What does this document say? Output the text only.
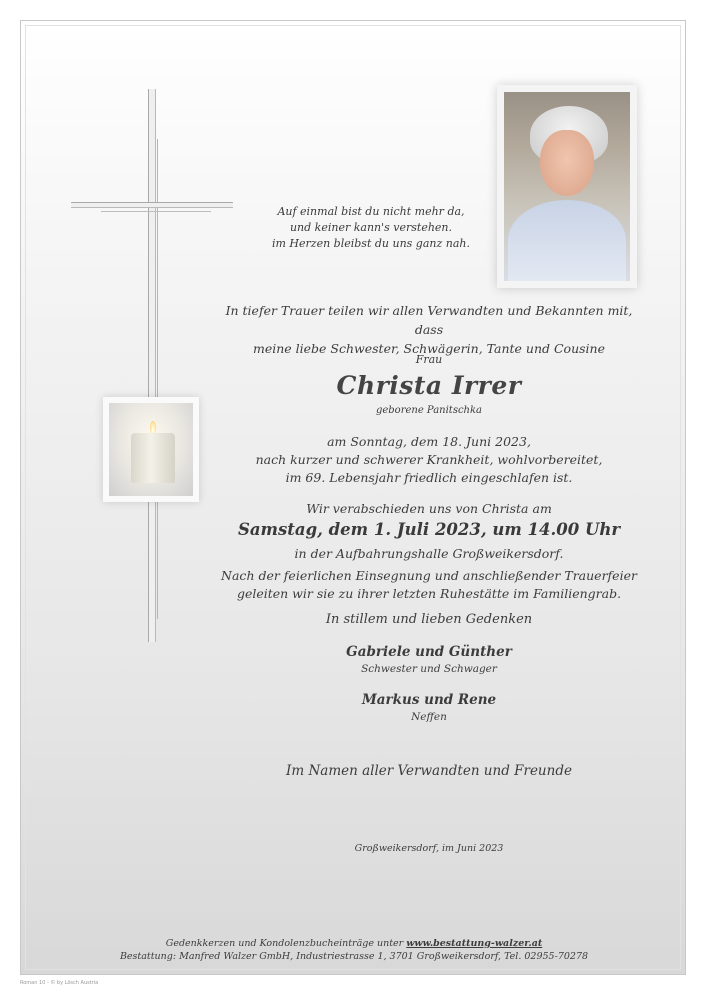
Auf einmal bist du nicht mehr da,
und keiner kann's verstehen.
im Herzen bleibst du uns ganz nah.
In tiefer Trauer teilen wir allen Verwandten und Bekannten mit, dass
meine liebe Schwester, Schwägerin, Tante und Cousine
Frau
Christa Irrer
geborene Panitschka
am Sonntag, dem 18. Juni 2023,
nach kurzer und schwerer Krankheit, wohlvorbereitet,
im 69. Lebensjahr friedlich eingeschlafen ist.
Wir verabschieden uns von Christa am
Samstag, dem 1. Juli 2023, um 14.00 Uhr
in der Aufbahrungshalle Großweikersdorf.
Nach der feierlichen Einsegnung und anschließender Trauerfeier
geleiten wir sie zu ihrer letzten Ruhestätte im Familiengrab.
In stillem und lieben Gedenken
Gabriele und Günther
Schwester und Schwager
Markus und Rene
Neffen
Im Namen aller Verwandten und Freunde
Großweikersdorf, im Juni 2023
Gedenkkerzen und Kondolenzbucheinträge unter www.bestattung-walzer.at
Bestattung: Manfred Walzer GmbH, Industriestrasse 1, 3701 Großweikersdorf, Tel. 02955-70278
Roman 10 - © by Lösch Austria
